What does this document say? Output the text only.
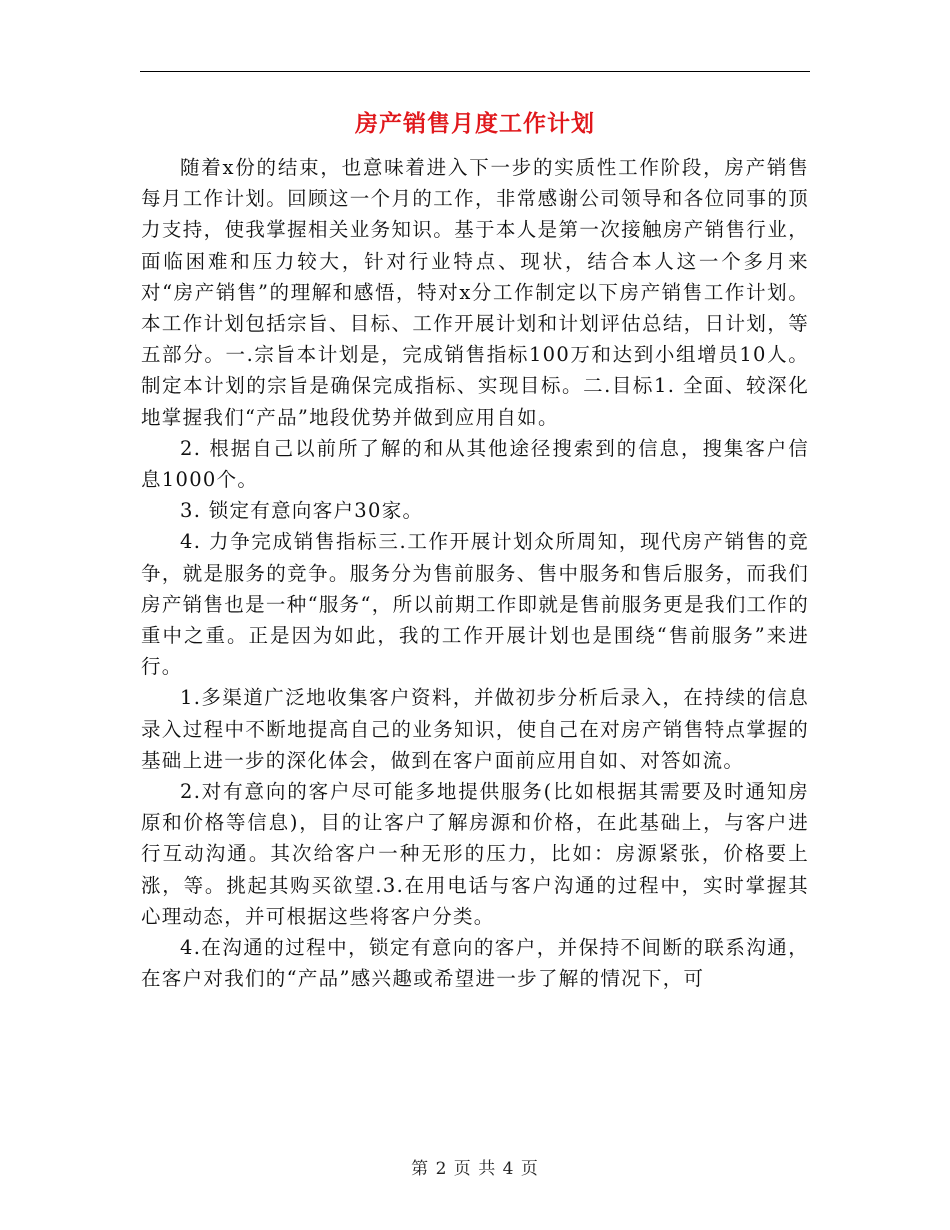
房产销售月度工作计划

随着x份的结束，也意味着进入下一步的实质性工作阶段，房产销售每月工作计划。回顾这一个月的工作，非常感谢公司领导和各位同事的顶力支持，使我掌握相关业务知识。基于本人是第一次接触房产销售行业，面临困难和压力较大，针对行业特点、现状，结合本人这一个多月来对“房产销售”的理解和感悟，特对x分工作制定以下房产销售工作计划。本工作计划包括宗旨、目标、工作开展计划和计划评估总结，日计划，等五部分。一.宗旨本计划是，完成销售指标100万和达到小组增员10人。制定本计划的宗旨是确保完成指标、实现目标。二.目标1. 全面、较深化地掌握我们“产品”地段优势并做到应用自如。

2. 根据自己以前所了解的和从其他途径搜索到的信息，搜集客户信息1000个。

3. 锁定有意向客户30家。

4. 力争完成销售指标三.工作开展计划众所周知，现代房产销售的竞争，就是服务的竞争。服务分为售前服务、售中服务和售后服务，而我们房产销售也是一种“服务“，所以前期工作即就是售前服务更是我们工作的重中之重。正是因为如此，我的工作开展计划也是围绕“售前服务”来进行。

1.多渠道广泛地收集客户资料，并做初步分析后录入，在持续的信息录入过程中不断地提高自己的业务知识，使自己在对房产销售特点掌握的基础上进一步的深化体会，做到在客户面前应用自如、对答如流。

2.对有意向的客户尽可能多地提供服务(比如根据其需要及时通知房原和价格等信息)，目的让客户了解房源和价格，在此基础上，与客户进行互动沟通。其次给客户一种无形的压力，比如：房源紧张，价格要上涨，等。挑起其购买欲望.3.在用电话与客户沟通的过程中，实时掌握其心理动态，并可根据这些将客户分类。

4.在沟通的过程中，锁定有意向的客户，并保持不间断的联系沟通，在客户对我们的“产品”感兴趣或希望进一步了解的情况下，可

第 2 页 共 4 页
